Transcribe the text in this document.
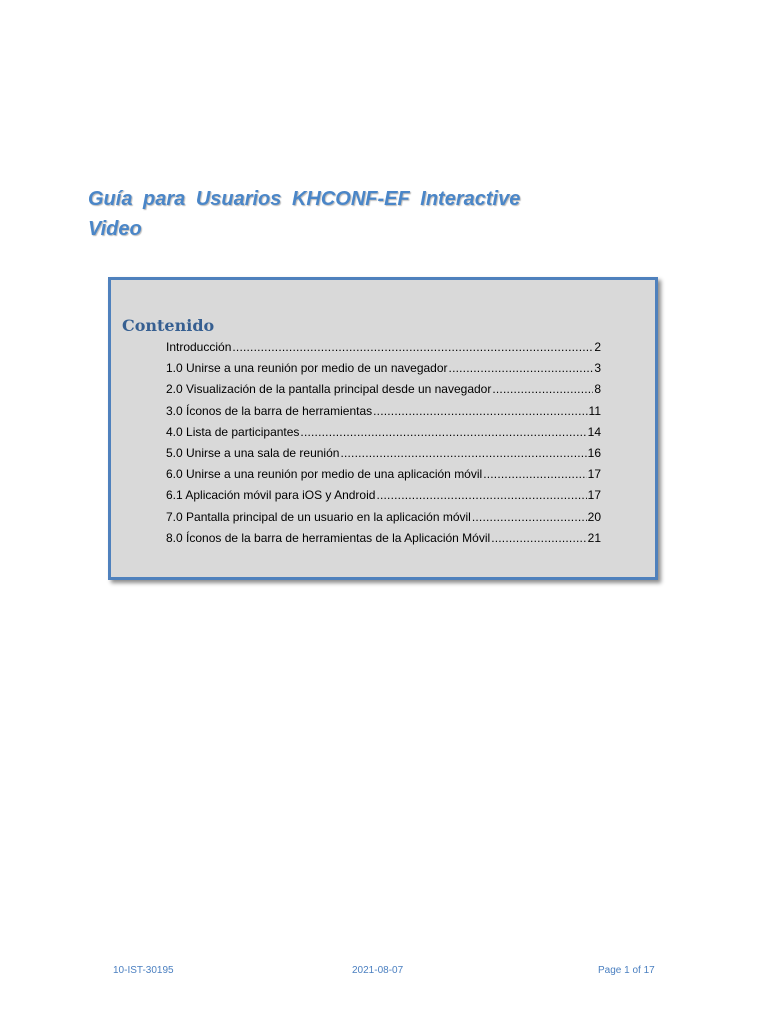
Guía para Usuarios KHCONF-EF Interactive Video
Contenido
Introducción .....	2
1.0 Unirse a una reunión por medio de un navegador .....	3
2.0 Visualización de la pantalla principal desde un navegador .....	8
3.0 Íconos de la barra de herramientas .....	11
4.0 Lista de participantes .....	14
5.0 Unirse a una sala de reunión .....	16
6.0 Unirse a una reunión por medio de una aplicación móvil .....	17
6.1 Aplicación móvil para iOS y Android .....	17
7.0 Pantalla principal de un usuario en la aplicación móvil .....	20
8.0 Íconos de la barra de herramientas de la Aplicación Móvil .....	21
10-IST-30195	2021-08-07	Page 1 of 17
